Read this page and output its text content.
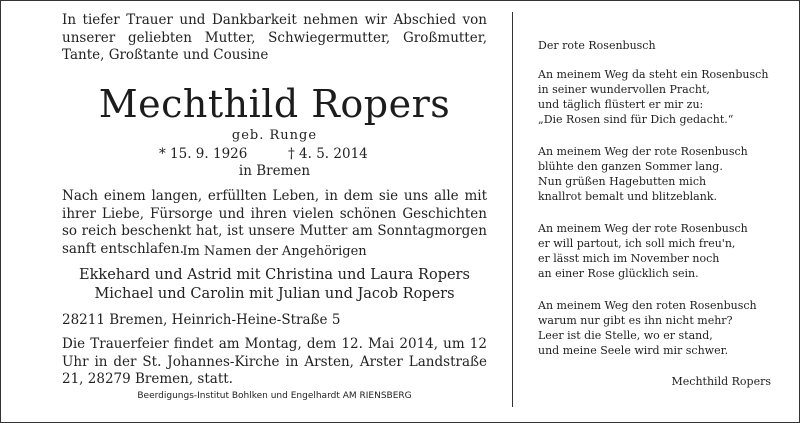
In tiefer Trauer und Dankbarkeit nehmen wir Abschied von unserer geliebten Mutter, Schwiegermutter, Großmutter, Tante, Großtante und Cousine

Mechthild Ropers
geb. Runge
* 15. 9. 1926	† 4. 5. 2014
in Bremen

Nach einem langen, erfüllten Leben, in dem sie uns alle mit ihrer Liebe, Fürsorge und ihren vielen schönen Geschichten so reich beschenkt hat, ist unsere Mutter am Sonntagmorgen sanft entschlafen.

Im Namen der Angehörigen
Ekkehard und Astrid mit Christina und Laura Ropers
Michael und Carolin mit Julian und Jacob Ropers
28211 Bremen, Heinrich-Heine-Straße 5

Die Trauerfeier findet am Montag, dem 12. Mai 2014, um 12 Uhr in der St. Johannes-Kirche in Arsten, Arster Landstraße 21, 28279 Bremen, statt.

Beerdigungs-Institut Bohlken und Engelhardt AM RIENSBERG
Der rote Rosenbusch
An meinem Weg da steht ein Rosenbusch
in seiner wundervollen Pracht,
und täglich flüstert er mir zu:
„Die Rosen sind für Dich gedacht.“
An meinem Weg der rote Rosenbusch
blühte den ganzen Sommer lang.
Nun grüßen Hagebutten mich
knallrot bemalt und blitzeblank.
An meinem Weg der rote Rosenbusch
er will partout, ich soll mich freu'n,
er lässt mich im November noch
an einer Rose glücklich sein.
An meinem Weg den roten Rosenbusch
warum nur gibt es ihn nicht mehr?
Leer ist die Stelle, wo er stand,
und meine Seele wird mir schwer.
Mechthild Ropers
